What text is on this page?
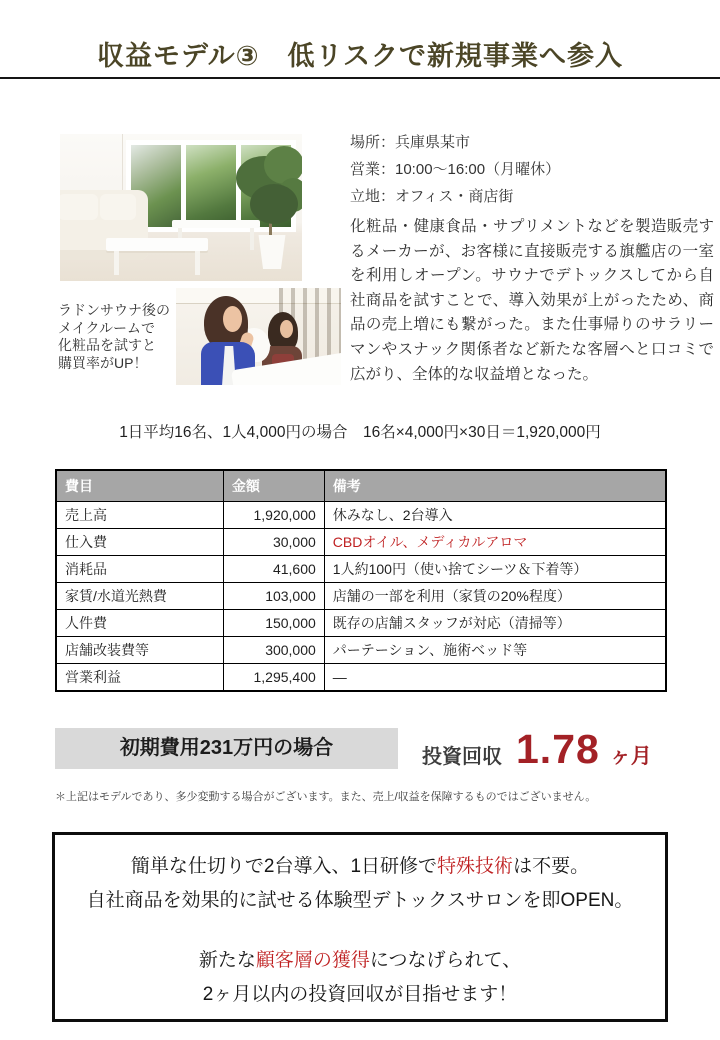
収益モデル③　低リスクで新規事業へ参入
ラドンサウナ後の
メイクルームで
化粧品を試すと
購買率がUP！
場所：兵庫県某市
営業：10:00～16:00（月曜休）
立地：オフィス・商店街
化粧品・健康食品・サプリメントなどを製造販売するメーカーが、お客様に直接販売する旗艦店の一室を利用しオープン。サウナでデトックスしてから自社商品を試すことで、導入効果が上がったため、商品の売上増にも繋がった。また仕事帰りのサラリーマンやスナック関係者など新たな客層へと口コミで広がり、全体的な収益増となった。
1日平均16名、1人4,000円の場合　16名×4,000円×30日＝1,920,000円
費目	金額	備考
売上高	1,920,000	休みなし、2台導入
仕入費	30,000	CBDオイル、メディカルアロマ
消耗品	41,600	1人約100円（使い捨てシーツ＆下着等）
家賃/水道光熱費	103,000	店舗の一部を利用（家賃の20%程度）
人件費	150,000	既存の店舗スタッフが対応（清掃等）
店舗改装費等	300,000	パーテーション、施術ベッド等
営業利益	1,295,400	―
初期費用231万円の場合	投資回収 1.78 ヶ月
＊上記はモデルであり、多少変動する場合がございます。また、売上/収益を保障するものではございません。

簡単な仕切りで2台導入、1日研修で特殊技術は不要。

自社商品を効果的に試せる体験型デトックスサロンを即OPEN。

新たな顧客層の獲得につなげられて、

2ヶ月以内の投資回収が目指せます！
